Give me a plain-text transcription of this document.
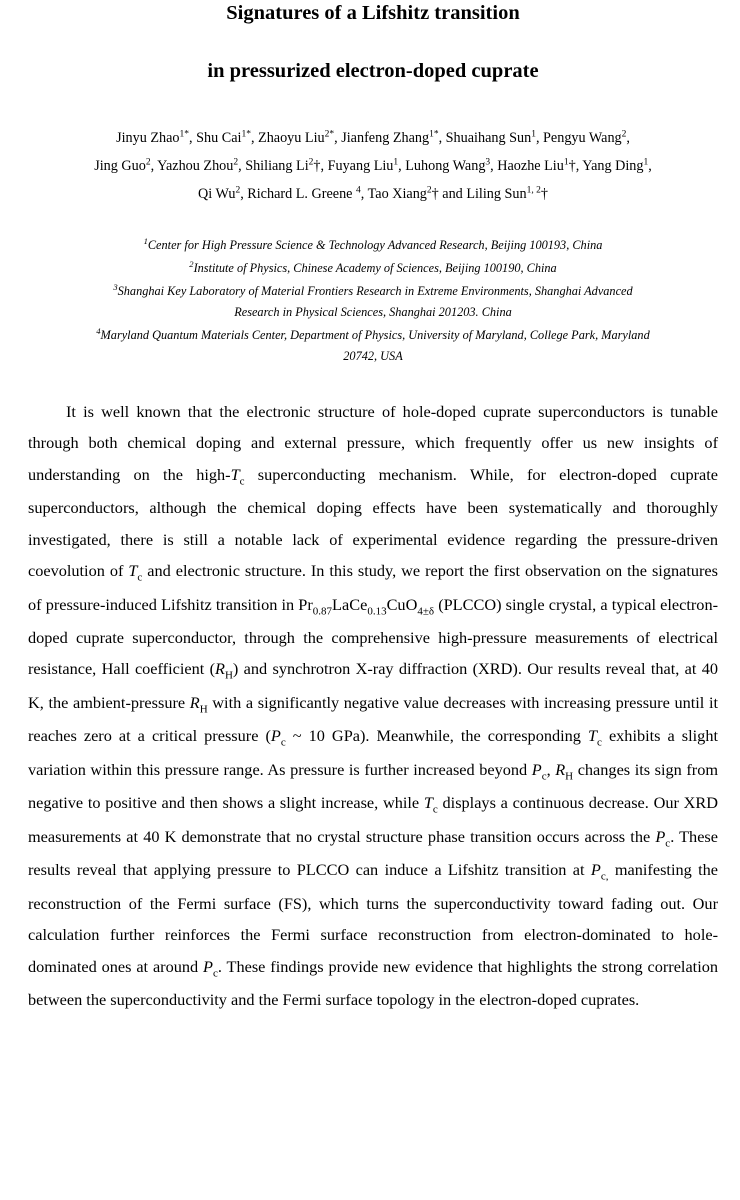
Signatures of a Lifshitz transition
in pressurized electron-doped cuprate
Jinyu Zhao$^{1*}$, Shu Cai$^{1*}$, Zhaoyu Liu$^{2*}$, Jianfeng Zhang$^{1*}$, Shuaihang Sun$^1$, Pengyu Wang$^2$,
Jing Guo$^2$, Yazhou Zhou$^2$, Shiliang Li$^2$†, Fuyang Liu$^1$, Luhong Wang$^3$, Haozhe Liu$^1$†, Yang Ding$^1$,
Qi Wu$^2$, Richard L. Greene $^4$, Tao Xiang$^2$† and Liling Sun$^{1, 2}$†
$^1$Center for High Pressure Science & Technology Advanced Research, Beijing 100193, China
$^2$Institute of Physics, Chinese Academy of Sciences, Beijing 100190, China
$^3$Shanghai Key Laboratory of Material Frontiers Research in Extreme Environments, Shanghai Advanced
Research in Physical Sciences, Shanghai 201203. China
$^4$Maryland Quantum Materials Center, Department of Physics, University of Maryland, College Park, Maryland
20742, USA
It is well known that the electronic structure of hole-doped cuprate superconductors is tunable through both chemical doping and external pressure, which frequently offer us new insights of understanding on the high-$T_c$ superconducting mechanism. While, for electron-doped cuprate superconductors, although the chemical doping effects have been systematically and thoroughly investigated, there is still a notable lack of experimental evidence regarding the pressure-driven coevolution of $T_c$ and electronic structure. In this study, we report the first observation on the signatures of pressure-induced Lifshitz transition in $Pr_{0.87}LaCe_{0.13}CuO_{4\pm\delta}$ (PLCCO) single crystal, a typical electron-doped cuprate superconductor, through the comprehensive high-pressure measurements of electrical resistance, Hall coefficient $(R_H)$ and synchrotron X-ray diffraction (XRD). Our results reveal that, at 40 K, the ambient-pressure $R_H$ with a significantly negative value decreases with increasing pressure until it reaches zero at a critical pressure ($P_c$ ~ 10 GPa). Meanwhile, the corresponding $T_c$ exhibits a slight variation within this pressure range. As pressure is further increased beyond $P_c$, $R_H$ changes its sign from negative to positive and then shows a slight increase, while $T_c$ displays a continuous decrease. Our XRD measurements at 40 K demonstrate that no crystal structure phase transition occurs across the $P_c$. These results reveal that applying pressure to PLCCO can induce a Lifshitz transition at $P_{c,}$ manifesting the reconstruction of the Fermi surface (FS), which turns the superconductivity toward fading out. Our calculation further reinforces the Fermi surface reconstruction from electron-dominated to hole-dominated ones at around $P_c$. These findings provide new evidence that highlights the strong correlation between the superconductivity and the Fermi surface topology in the electron-doped cuprates.
